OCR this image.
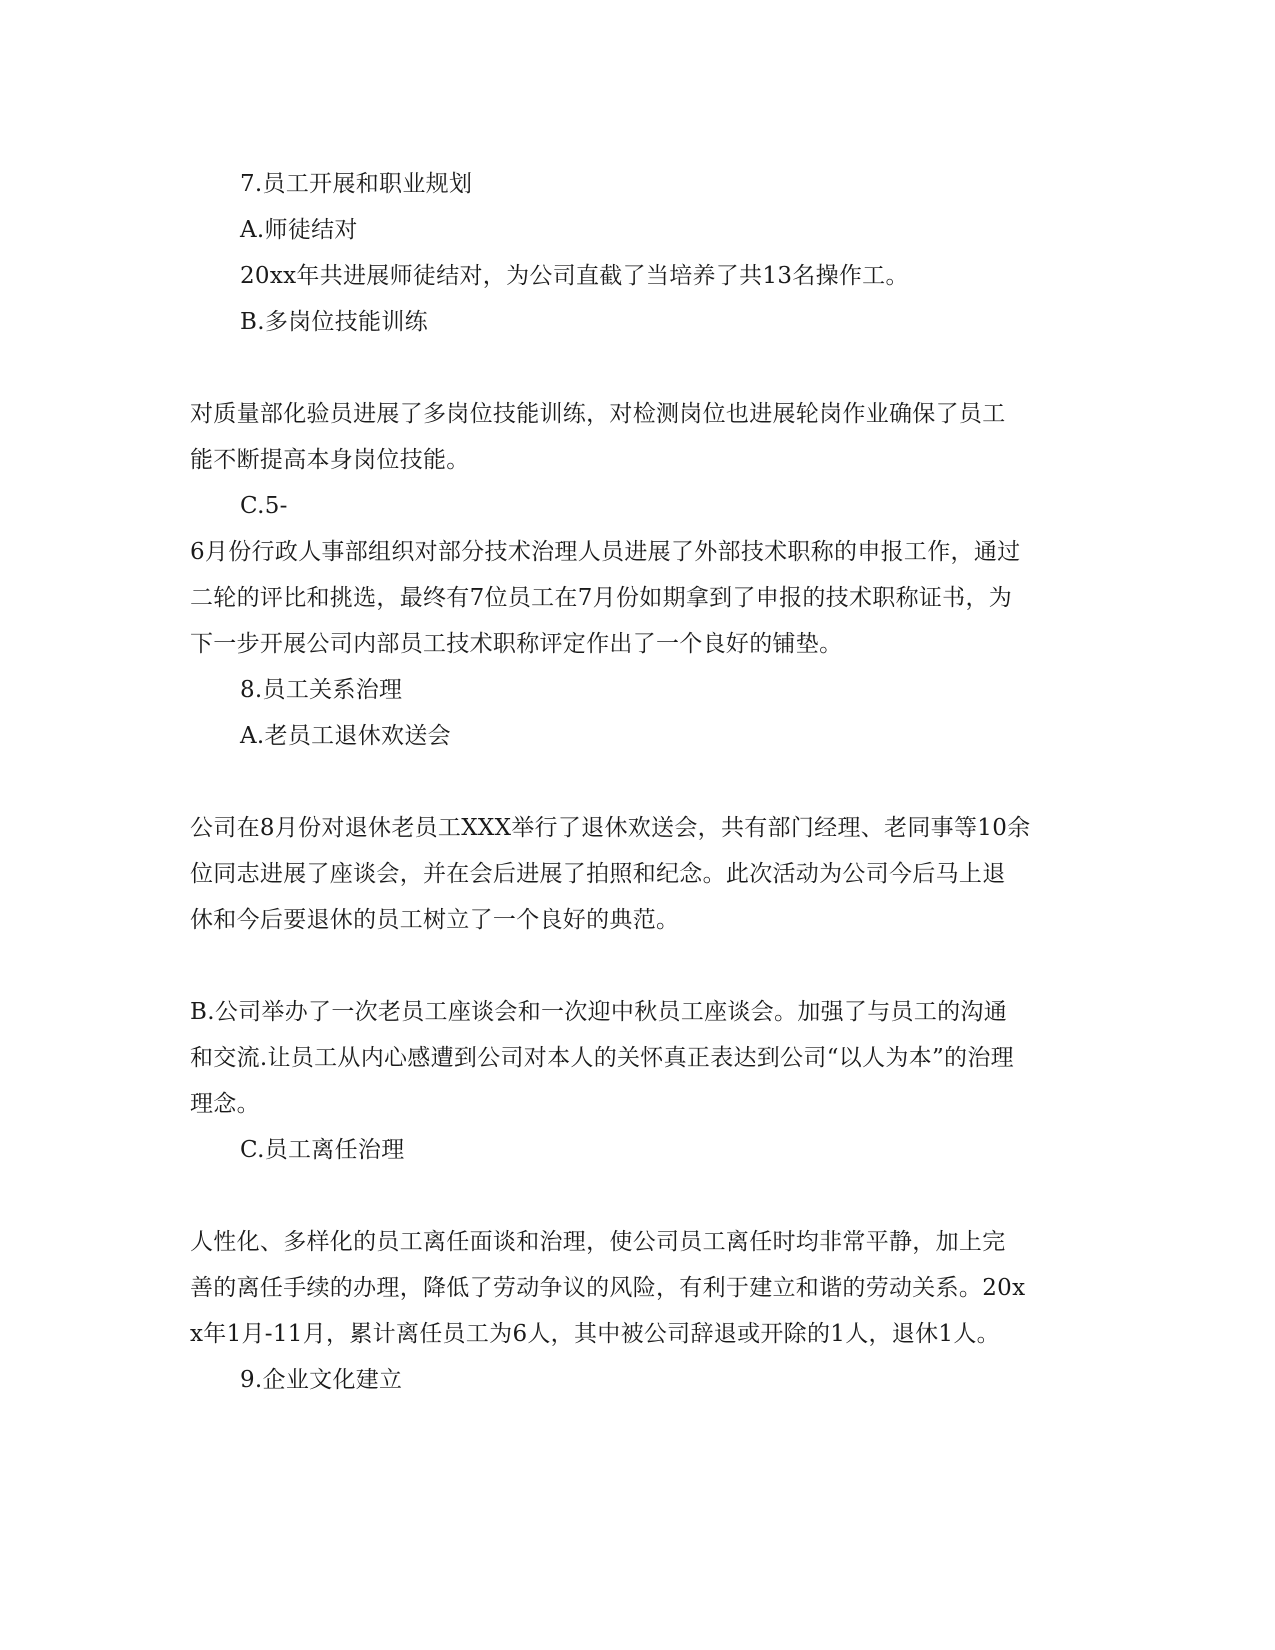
7.员工开展和职业规划

A.师徒结对

20xx年共进展师徒结对，为公司直截了当培养了共13名操作工。

B.多岗位技能训练

对质量部化验员进展了多岗位技能训练，对检测岗位也进展轮岗作业确保了员工

能不断提高本身岗位技能。

C.5-

6月份行政人事部组织对部分技术治理人员进展了外部技术职称的申报工作，通过

二轮的评比和挑选，最终有7位员工在7月份如期拿到了申报的技术职称证书，为

下一步开展公司内部员工技术职称评定作出了一个良好的铺垫。

8.员工关系治理

A.老员工退休欢送会

公司在8月份对退休老员工XXX举行了退休欢送会，共有部门经理、老同事等10余

位同志进展了座谈会，并在会后进展了拍照和纪念。此次活动为公司今后马上退

休和今后要退休的员工树立了一个良好的典范。

B.公司举办了一次老员工座谈会和一次迎中秋员工座谈会。加强了与员工的沟通

和交流.让员工从内心感遭到公司对本人的关怀真正表达到公司“以人为本”的治理

理念。

C.员工离任治理

人性化、多样化的员工离任面谈和治理，使公司员工离任时均非常平静，加上完

善的离任手续的办理，降低了劳动争议的风险，有利于建立和谐的劳动关系。20x

x年1月-11月，累计离任员工为6人，其中被公司辞退或开除的1人，退休1人。

9.企业文化建立
